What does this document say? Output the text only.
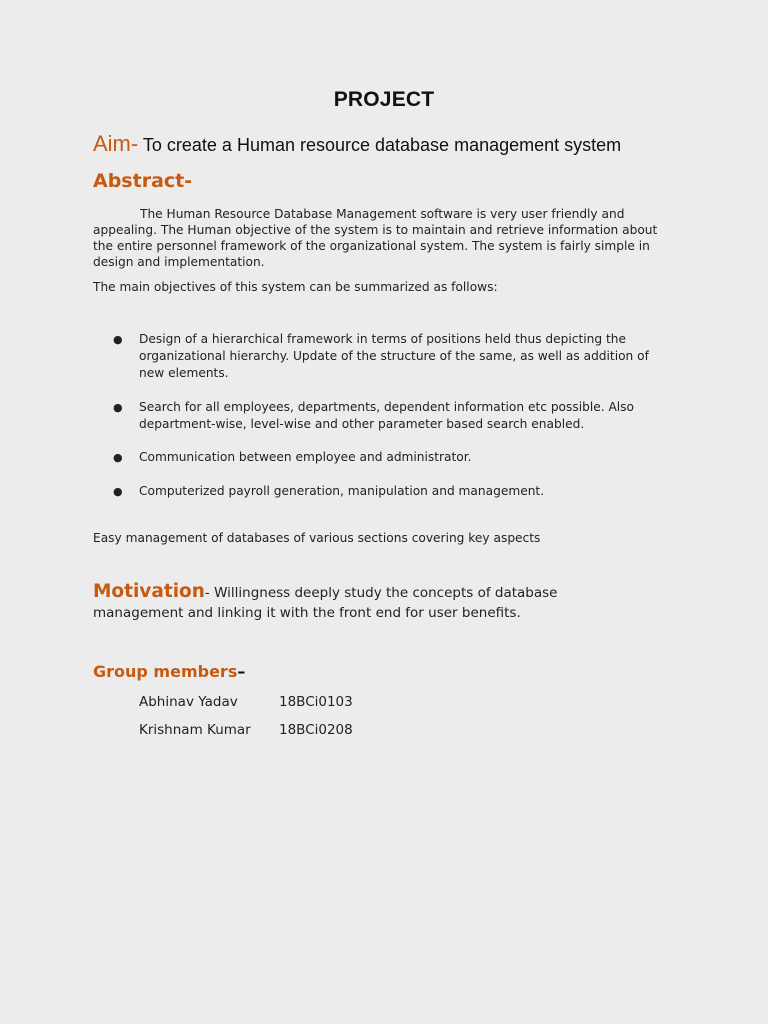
PROJECT
Aim- To create a Human resource database management system
Abstract-

The Human Resource Database Management software is very user friendly and appealing. The Human objective of the system is to maintain and retrieve information about the entire personnel framework of the organizational system. The system is fairly simple in design and implementation.

The main objectives of this system can be summarized as follows:

● Design of a hierarchical framework in terms of positions held thus depicting the organizational hierarchy. Update of the structure of the same, as well as addition of new elements.
● Search for all employees, departments, dependent information etc possible. Also department-wise, level-wise and other parameter based search enabled.
● Communication between employee and administrator.
● Computerized payroll generation, manipulation and management.

Easy management of databases of various sections covering key aspects

Motivation- Willingness deeply study the concepts of database management and linking it with the front end for user benefits.
Group members–
Abhinav Yadav	18BCi0103
Krishnam Kumar 18BCi0208
